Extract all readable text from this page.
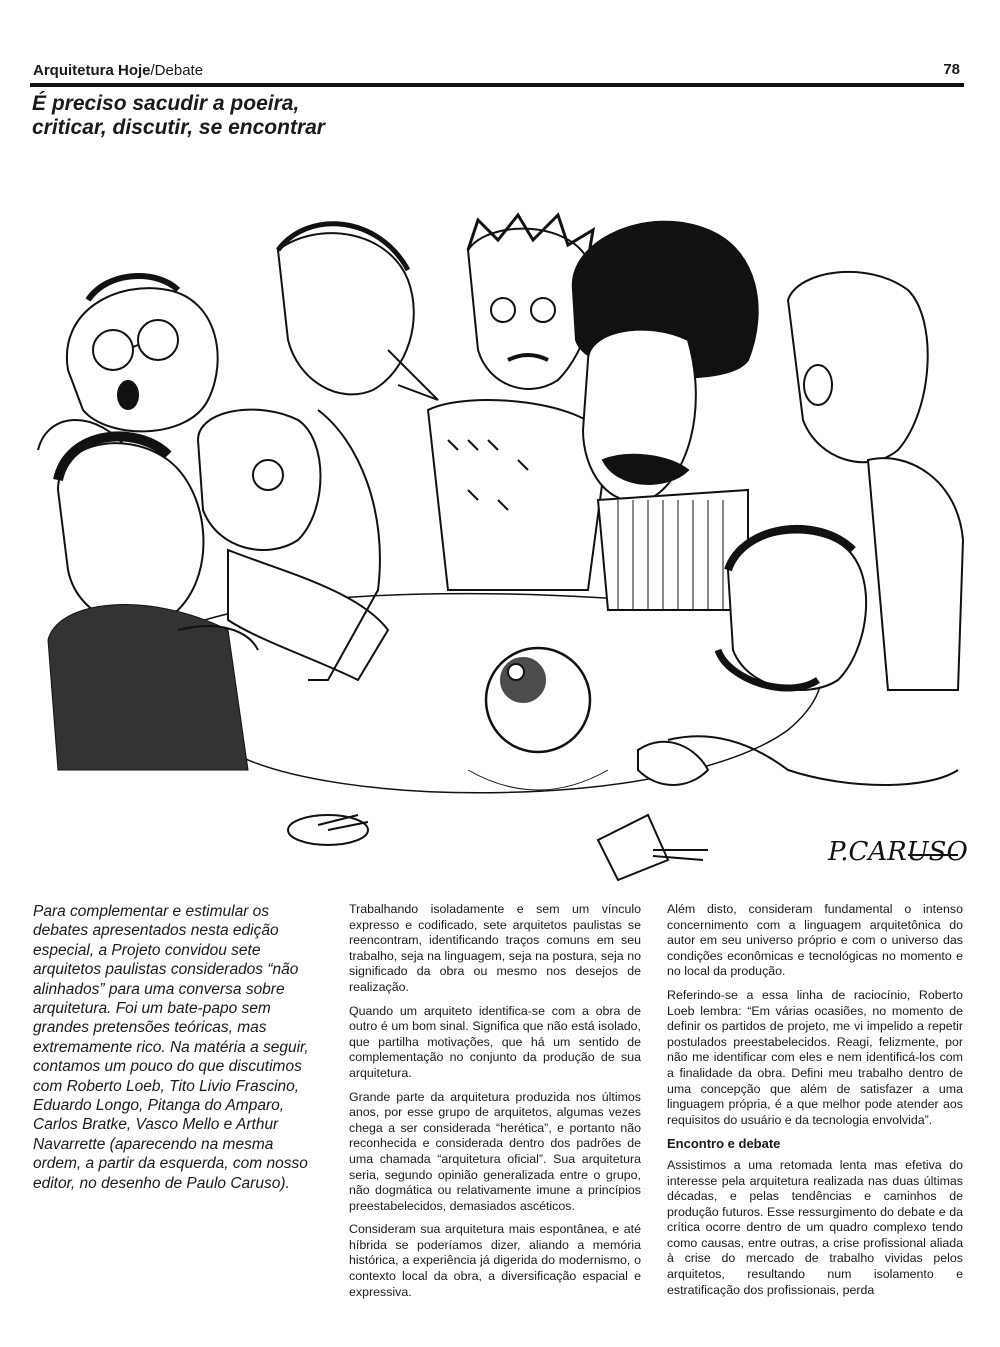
Arquitetura Hoje/Debate	78
É preciso sacudir a poeira, criticar, discutir, se encontrar
P.CARUSO
Para complementar e estimular os debates apresentados nesta edição especial, a Projeto convidou sete arquitetos paulistas considerados “não alinhados” para uma conversa sobre arquitetura. Foi um bate-papo sem grandes pretensões teóricas, mas extremamente rico. Na matéria a seguir, contamos um pouco do que discutimos com Roberto Loeb, Tito Livio Frascino, Eduardo Longo, Pitanga do Amparo, Carlos Bratke, Vasco Mello e Arthur Navarrette (aparecendo na mesma ordem, a partir da esquerda, com nosso editor, no desenho de Paulo Caruso).

Trabalhando isoladamente e sem um vínculo expresso e codificado, sete arquitetos paulistas se reencontram, identificando traços comuns em seu trabalho, seja na linguagem, seja na postura, seja no significado da obra ou mesmo nos desejos de realização.

Quando um arquiteto identifica-se com a obra de outro é um bom sinal. Significa que não está isolado, que partilha motivações, que há um sentido de complementação no conjunto da produção de sua arquitetura.

Grande parte da arquitetura produzida nos últimos anos, por esse grupo de arquitetos, algumas vezes chega a ser considerada “herética”, e portanto não reconhecida e considerada dentro dos padrões de uma chamada “arquitetura oficial”. Sua arquitetura seria, segundo opinião generalizada entre o grupo, não dogmática ou relativamente imune a princípios preestabelecidos, demasiados ascéticos.

Consideram sua arquitetura mais espontânea, e até híbrida se poderíamos dizer, aliando a memória histórica, a experiência já digerida do modernismo, o contexto local da obra, a diversificação espacial e expressiva.

Além disto, consideram fundamental o intenso concernimento com a linguagem arquitetônica do autor em seu universo próprio e com o universo das condições econômicas e tecnológicas no momento e no local da produção.

Referindo-se a essa linha de raciocínio, Roberto Loeb lembra: “Em várias ocasiões, no momento de definir os partidos de projeto, me vi impelido a repetir postulados preestabelecidos. Reagi, felizmente, por não me identificar com eles e nem identificá-los com a finalidade da obra. Defini meu trabalho dentro de uma concepção que além de satisfazer a uma linguagem própria, é a que melhor pode atender aos requisitos do usuário e da tecnologia envolvida”.

Encontro e debate

Assistimos a uma retomada lenta mas efetiva do interesse pela arquitetura realizada nas duas últimas décadas, e pelas tendências e caminhos de produção futuros. Esse ressurgimento do debate e da crítica ocorre dentro de um quadro complexo tendo como causas, entre outras, a crise profissional aliada à crise do mercado de trabalho vividas pelos arquitetos, resultando num isolamento e estratificação dos profissionais, perda
